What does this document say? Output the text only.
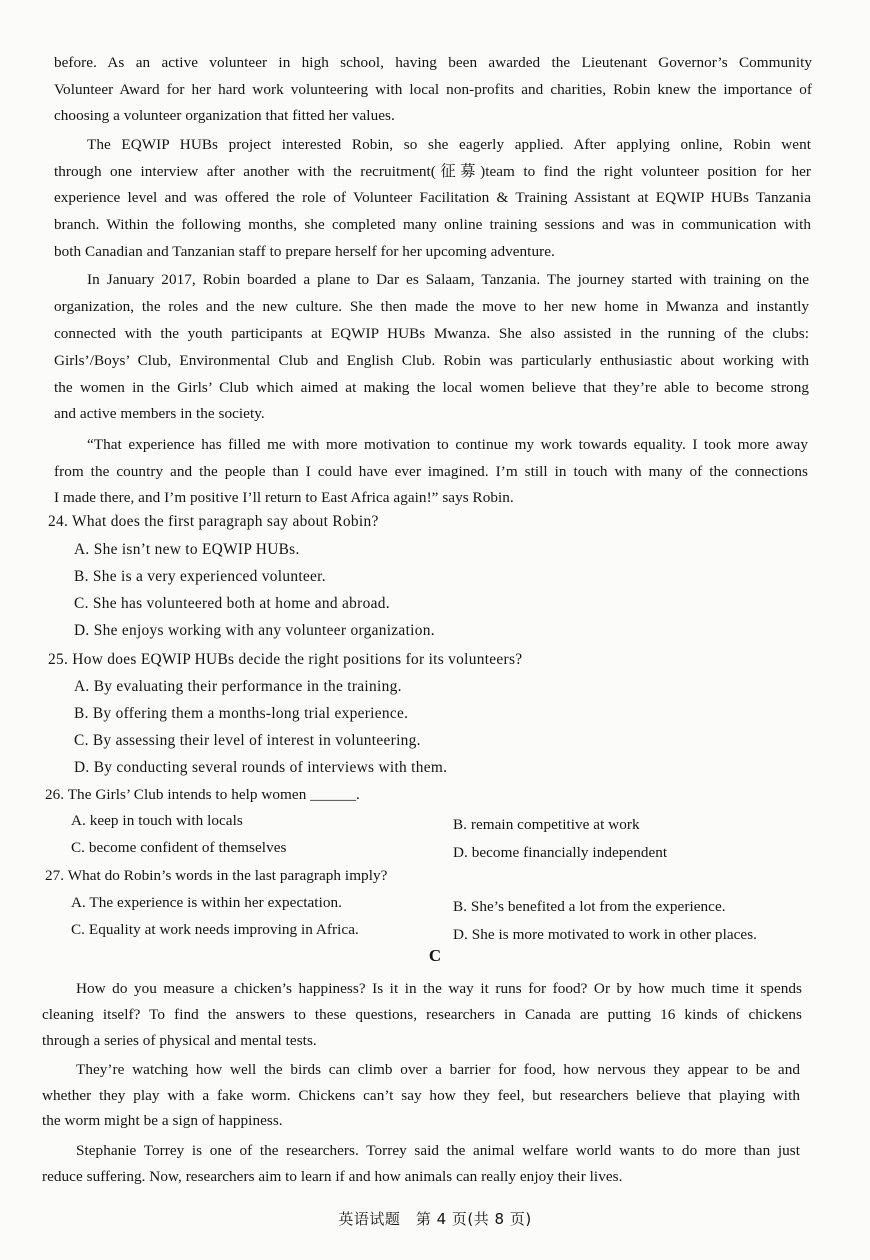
before. As an active volunteer in high school, having been awarded the Lieutenant Governor’s Community
Volunteer Award for her hard work volunteering with local non-profits and charities, Robin knew the importance of
choosing a volunteer organization that fitted her values.
The EQWIP HUBs project interested Robin, so she eagerly applied. After applying online, Robin went
through one interview after another with the recruitment(征募)team to find the right volunteer position for her
experience level and was offered the role of Volunteer Facilitation & Training Assistant at EQWIP HUBs Tanzania
branch. Within the following months, she completed many online training sessions and was in communication with
both Canadian and Tanzanian staff to prepare herself for her upcoming adventure.
In January 2017, Robin boarded a plane to Dar es Salaam, Tanzania. The journey started with training on the
organization, the roles and the new culture. She then made the move to her new home in Mwanza and instantly
connected with the youth participants at EQWIP HUBs Mwanza. She also assisted in the running of the clubs:
Girls’/Boys’ Club, Environmental Club and English Club. Robin was particularly enthusiastic about working with
the women in the Girls’ Club which aimed at making the local women believe that they’re able to become strong
and active members in the society.
“That experience has filled me with more motivation to continue my work towards equality. I took more away
from the country and the people than I could have ever imagined. I’m still in touch with many of the connections
I made there, and I’m positive I’ll return to East Africa again!” says Robin.
24. What does the first paragraph say about Robin?
A. She isn’t new to EQWIP HUBs.
B. She is a very experienced volunteer.
C. She has volunteered both at home and abroad.
D. She enjoys working with any volunteer organization.
25. How does EQWIP HUBs decide the right positions for its volunteers?
A. By evaluating their performance in the training.
B. By offering them a months-long trial experience.
C. By assessing their level of interest in volunteering.
D. By conducting several rounds of interviews with them.
26. The Girls’ Club intends to help women ______.
A. keep in touch with locals	B. remain competitive at work
C. become confident of themselves	D. become financially independent
27. What do Robin’s words in the last paragraph imply?
A. The experience is within her expectation.	B. She’s benefited a lot from the experience.
C. Equality at work needs improving in Africa.	D. She is more motivated to work in other places.
C
How do you measure a chicken’s happiness? Is it in the way it runs for food? Or by how much time it spends
cleaning itself? To find the answers to these questions, researchers in Canada are putting 16 kinds of chickens
through a series of physical and mental tests.
They’re watching how well the birds can climb over a barrier for food, how nervous they appear to be and
whether they play with a fake worm. Chickens can’t say how they feel, but researchers believe that playing with
the worm might be a sign of happiness.
Stephanie Torrey is one of the researchers. Torrey said the animal welfare world wants to do more than just
reduce suffering. Now, researchers aim to learn if and how animals can really enjoy their lives.
英语试题　第 4 页(共 8 页)
